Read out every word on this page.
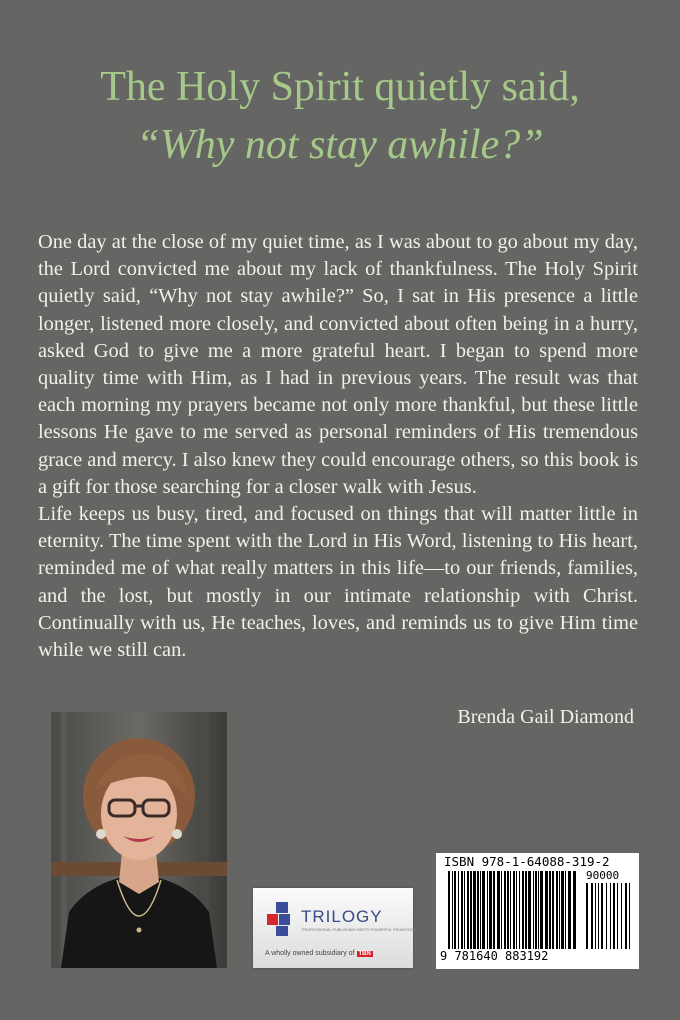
The Holy Spirit quietly said,
“Why not stay awhile?”

One day at the close of my quiet time, as I was about to go about my day, the Lord convicted me about my lack of thankfulness. The Holy Spirit quietly said, “Why not stay awhile?” So, I sat in His presence a little longer, listened more closely, and convicted about often being in a hurry, asked God to give me a more grateful heart. I began to spend more quality time with Him, as I had in previous years. The result was that each morning my prayers became not only more thankful, but these little lessons He gave to me served as personal reminders of His tremendous grace and mercy. I also knew they could encourage others, so this book is a gift for those searching for a closer walk with Jesus.

Life keeps us busy, tired, and focused on things that will matter little in eternity. The time spent with the Lord in His Word, listening to His heart, reminded me of what really matters in this life—to our friends, families, and the lost, but mostly in our intimate relationship with Christ. Continually with us, He teaches, loves, and reminds us to give Him time while we still can.

Brenda Gail Diamond
TRILOGY
PROFESSIONAL PUBLISHING MEETS POWERFUL PROMOTION
A wholly owned subsidiary of TBN
ISBN 978-1-64088-319-2
90000
9 781640 883192
